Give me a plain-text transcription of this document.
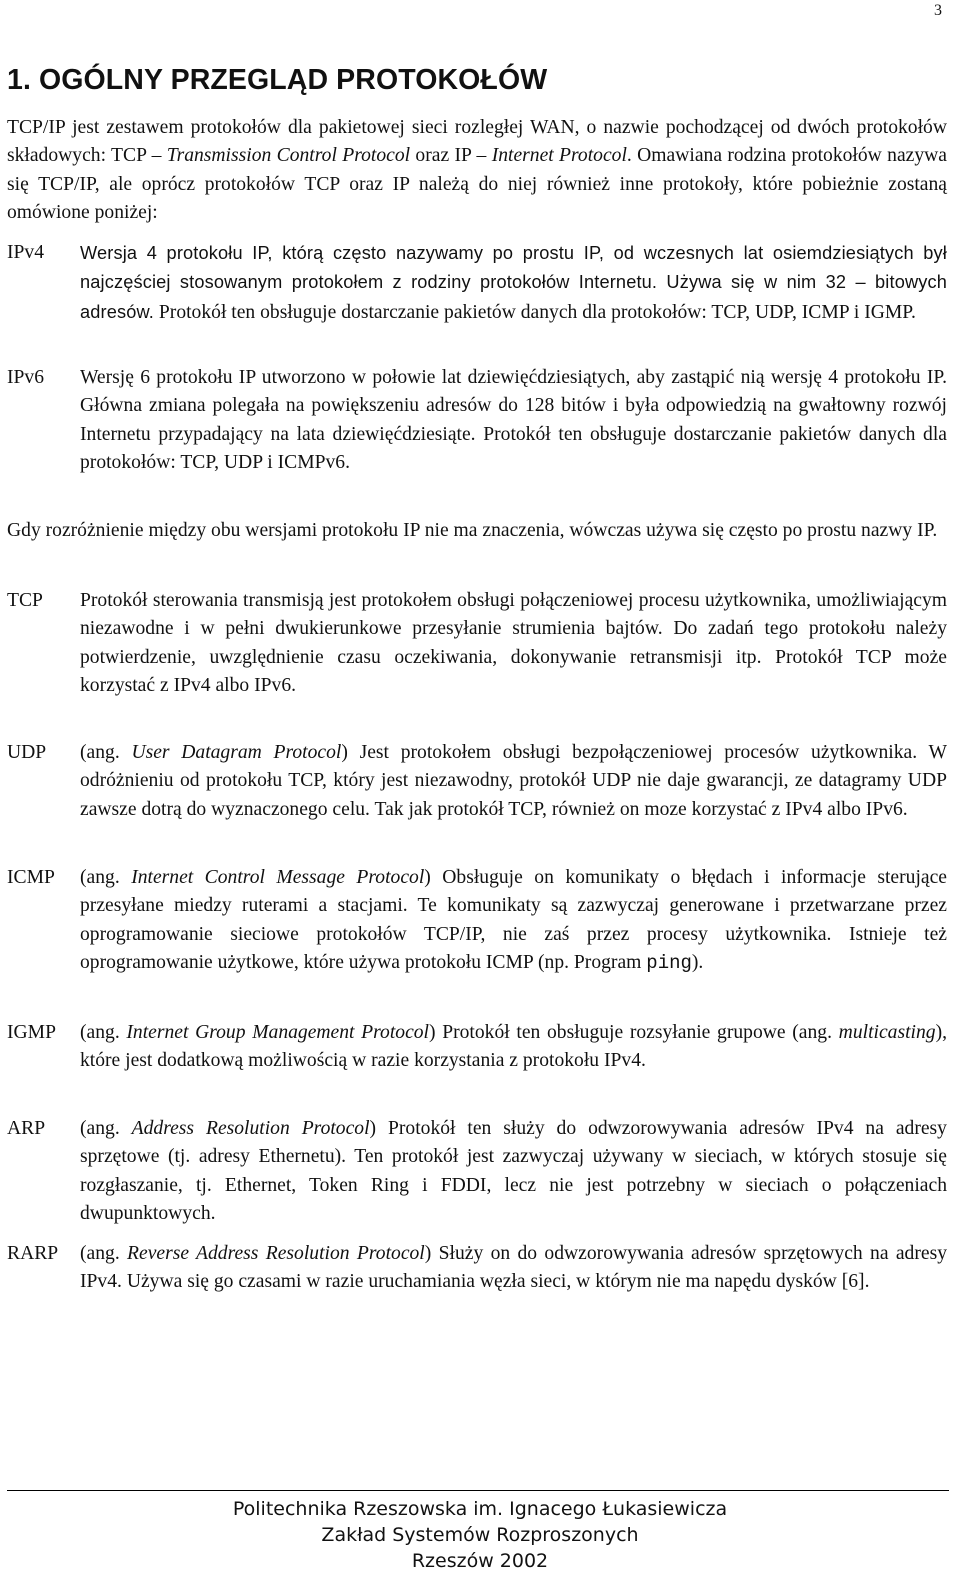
3
1. OGÓLNY PRZEGLĄD PROTOKOŁÓW
TCP/IP jest zestawem protokołów dla pakietowej sieci rozległej WAN, o nazwie pochodzącej od dwóch protokołów składowych: TCP – Transmission Control Protocol oraz IP – Internet Protocol. Omawiana rodzina protokołów nazywa się TCP/IP, ale oprócz protokołów TCP oraz IP należą do niej również inne protokoły, które pobieżnie zostaną omówione poniżej:
IPv4 Wersja 4 protokołu IP, którą często nazywamy po prostu IP, od wczesnych lat osiemdziesiątych był najczęściej stosowanym protokołem z rodziny protokołów Internetu. Używa się w nim 32 – bitowych adresów. Protokół ten obsługuje dostarczanie pakietów danych dla protokołów: TCP, UDP, ICMP i IGMP.
IPv6 Wersję 6 protokołu IP utworzono w połowie lat dziewięćdziesiątych, aby zastąpić nią wersję 4 protokołu IP. Główna zmiana polegała na powiększeniu adresów do 128 bitów i była odpowiedzią na gwałtowny rozwój Internetu przypadający na lata dziewięćdziesiąte. Protokół ten obsługuje dostarczanie pakietów danych dla protokołów: TCP, UDP i ICMPv6.
Gdy rozróżnienie między obu wersjami protokołu IP nie ma znaczenia, wówczas używa się często po prostu nazwy IP.
TCP Protokół sterowania transmisją jest protokołem obsługi połączeniowej procesu użytkownika, umożliwiającym niezawodne i w pełni dwukierunkowe przesyłanie strumienia bajtów. Do zadań tego protokołu należy potwierdzenie, uwzględnienie czasu oczekiwania, dokonywanie retransmisji itp. Protokół TCP może korzystać z IPv4 albo IPv6.
UDP (ang. User Datagram Protocol) Jest protokołem obsługi bezpołączeniowej procesów użytkownika. W odróżnieniu od protokołu TCP, który jest niezawodny, protokół UDP nie daje gwarancji, ze datagramy UDP zawsze dotrą do wyznaczonego celu. Tak jak protokół TCP, również on moze korzystać z IPv4 albo IPv6.
ICMP (ang. Internet Control Message Protocol) Obsługuje on komunikaty o błędach i informacje sterujące przesyłane miedzy ruterami a stacjami. Te komunikaty są zazwyczaj generowane i przetwarzane przez oprogramowanie sieciowe protokołów TCP/IP, nie zaś przez procesy użytkownika. Istnieje też oprogramowanie użytkowe, które używa protokołu ICMP (np. Program ping).
IGMP (ang. Internet Group Management Protocol) Protokół ten obsługuje rozsyłanie grupowe (ang. multicasting), które jest dodatkową możliwością w razie korzystania z protokołu IPv4.
ARP (ang. Address Resolution Protocol) Protokół ten służy do odwzorowywania adresów IPv4 na adresy sprzętowe (tj. adresy Ethernetu). Ten protokół jest zazwyczaj używany w sieciach, w których stosuje się rozgłaszanie, tj. Ethernet, Token Ring i FDDI, lecz nie jest potrzebny w sieciach o połączeniach dwupunktowych.
RARP (ang. Reverse Address Resolution Protocol) Służy on do odwzorowywania adresów sprzętowych na adresy IPv4. Używa się go czasami w razie uruchamiania węzła sieci, w którym nie ma napędu dysków [6].
Politechnika Rzeszowska im. Ignacego Łukasiewicza
Zakład Systemów Rozproszonych
Rzeszów 2002
